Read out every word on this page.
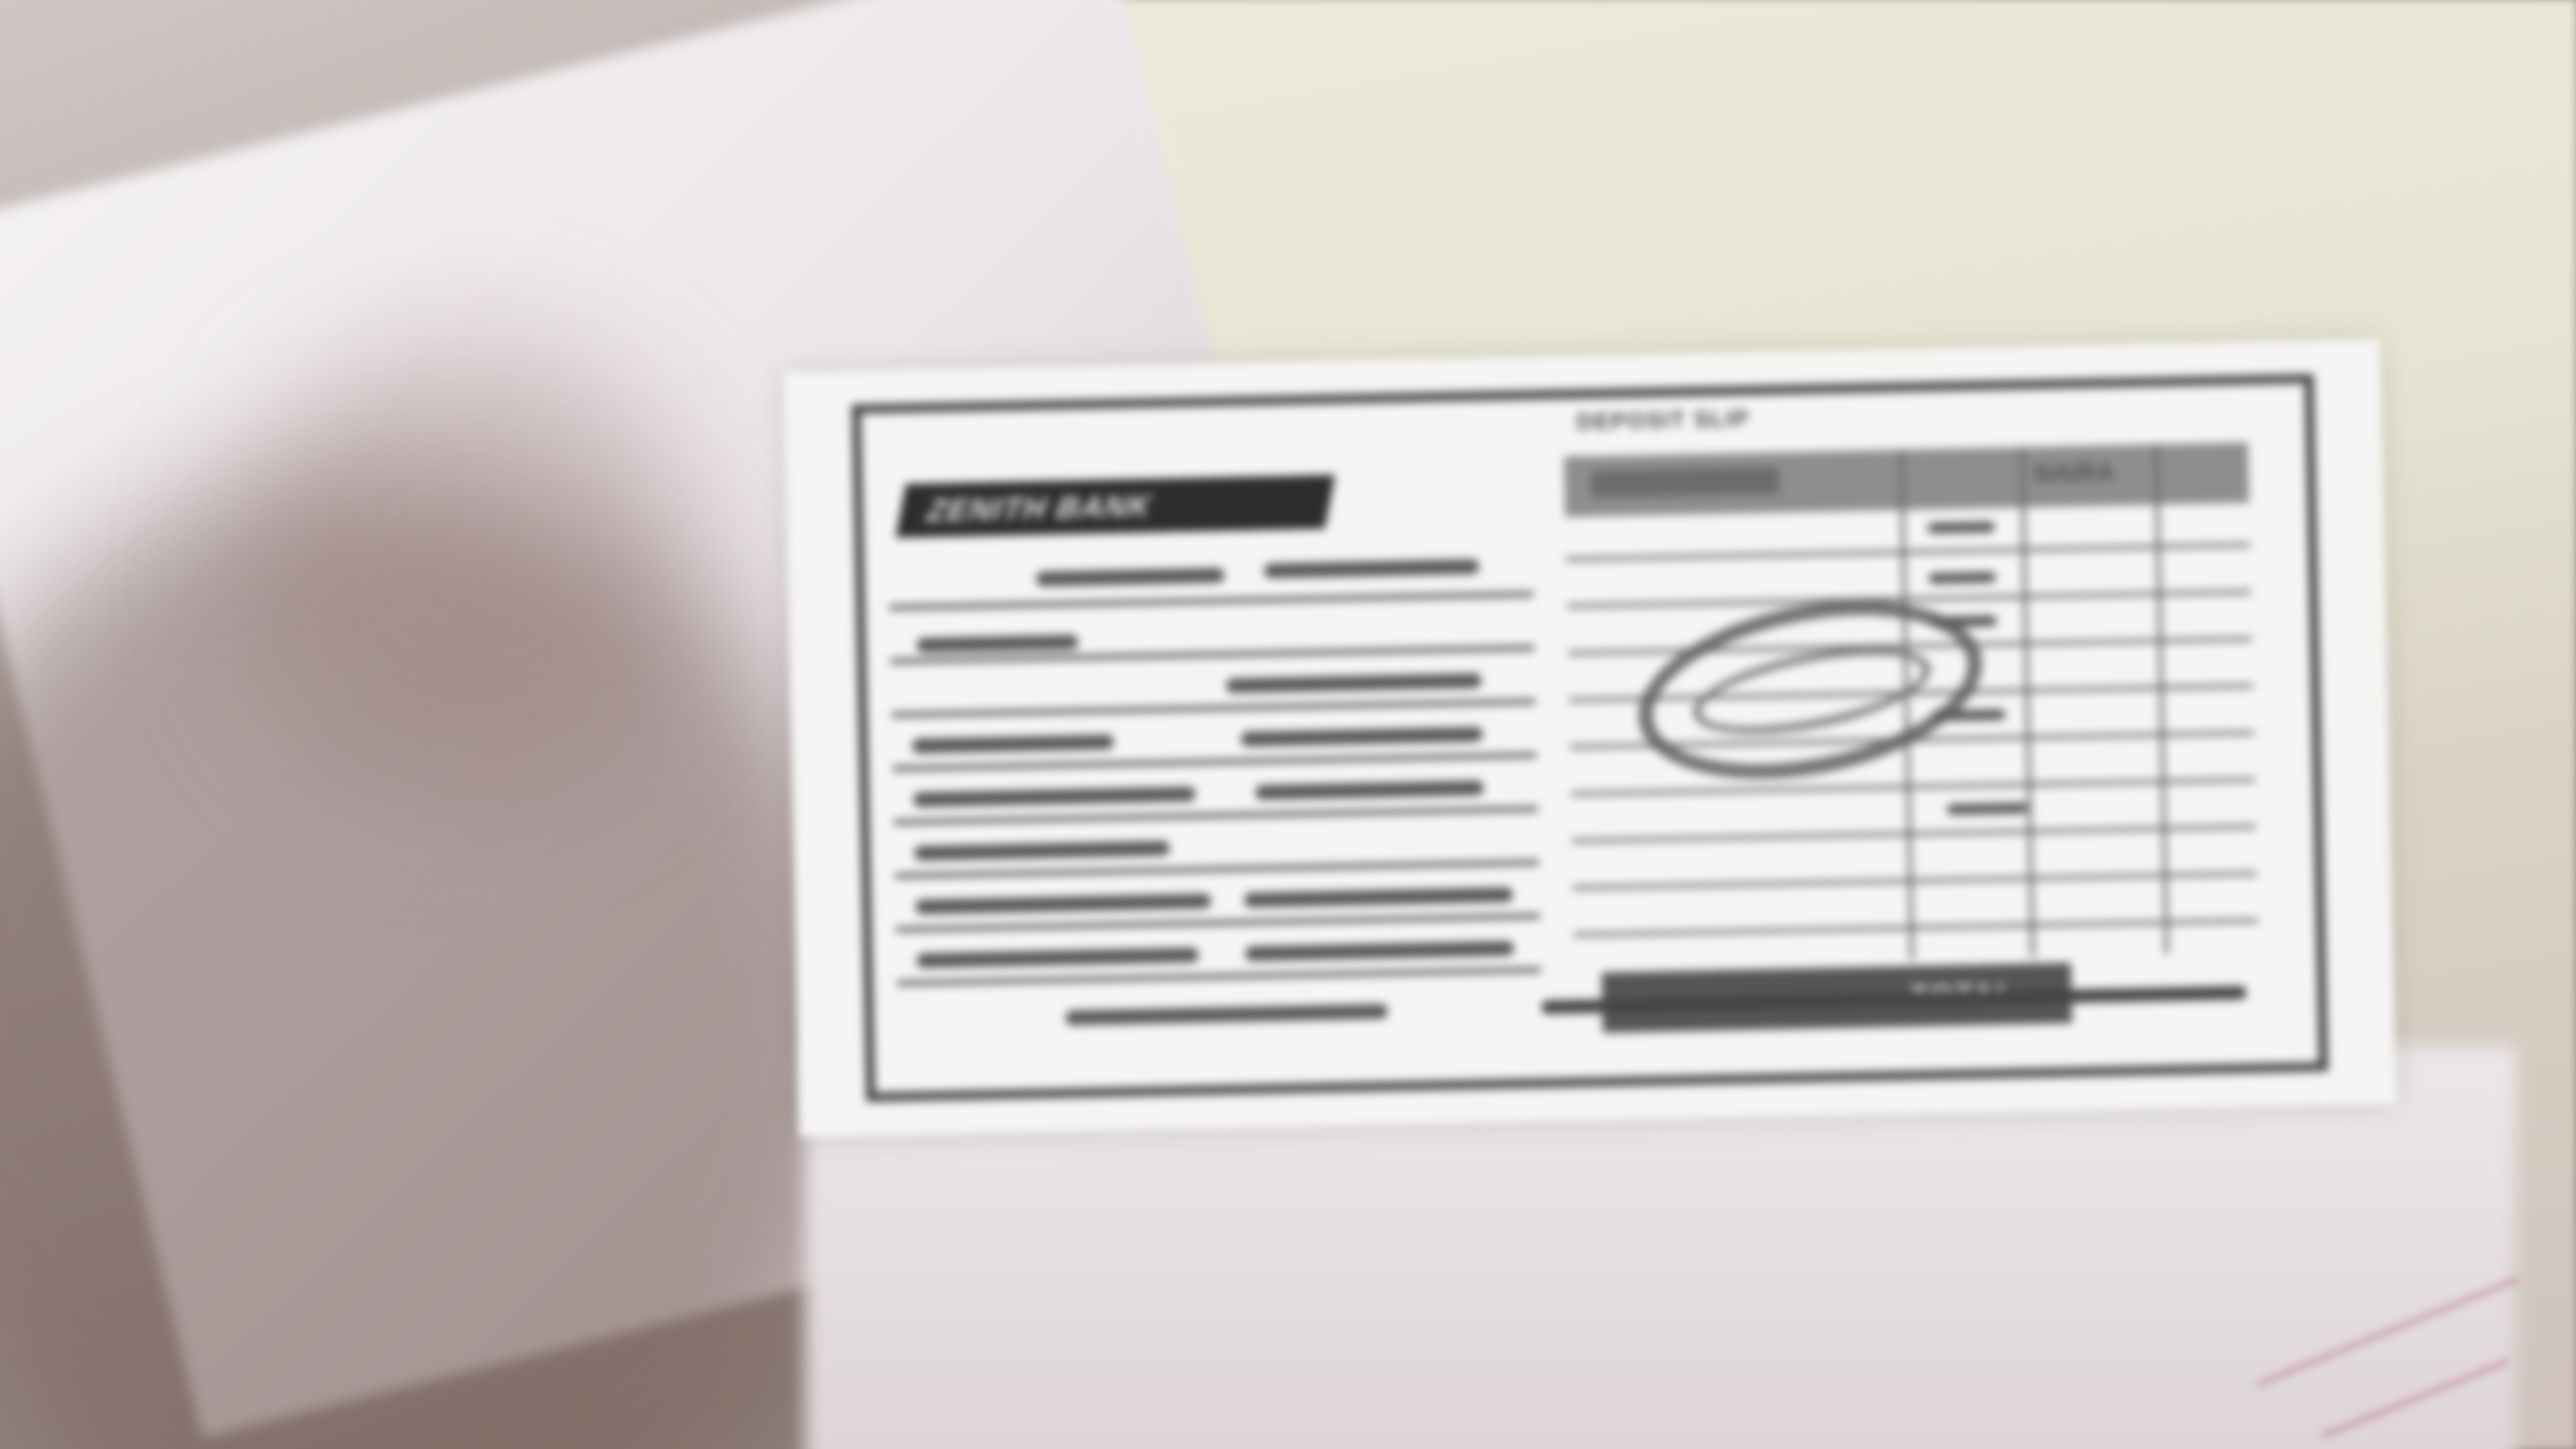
ZENITH BANK
DEPOSIT SLIP
NAIRA
